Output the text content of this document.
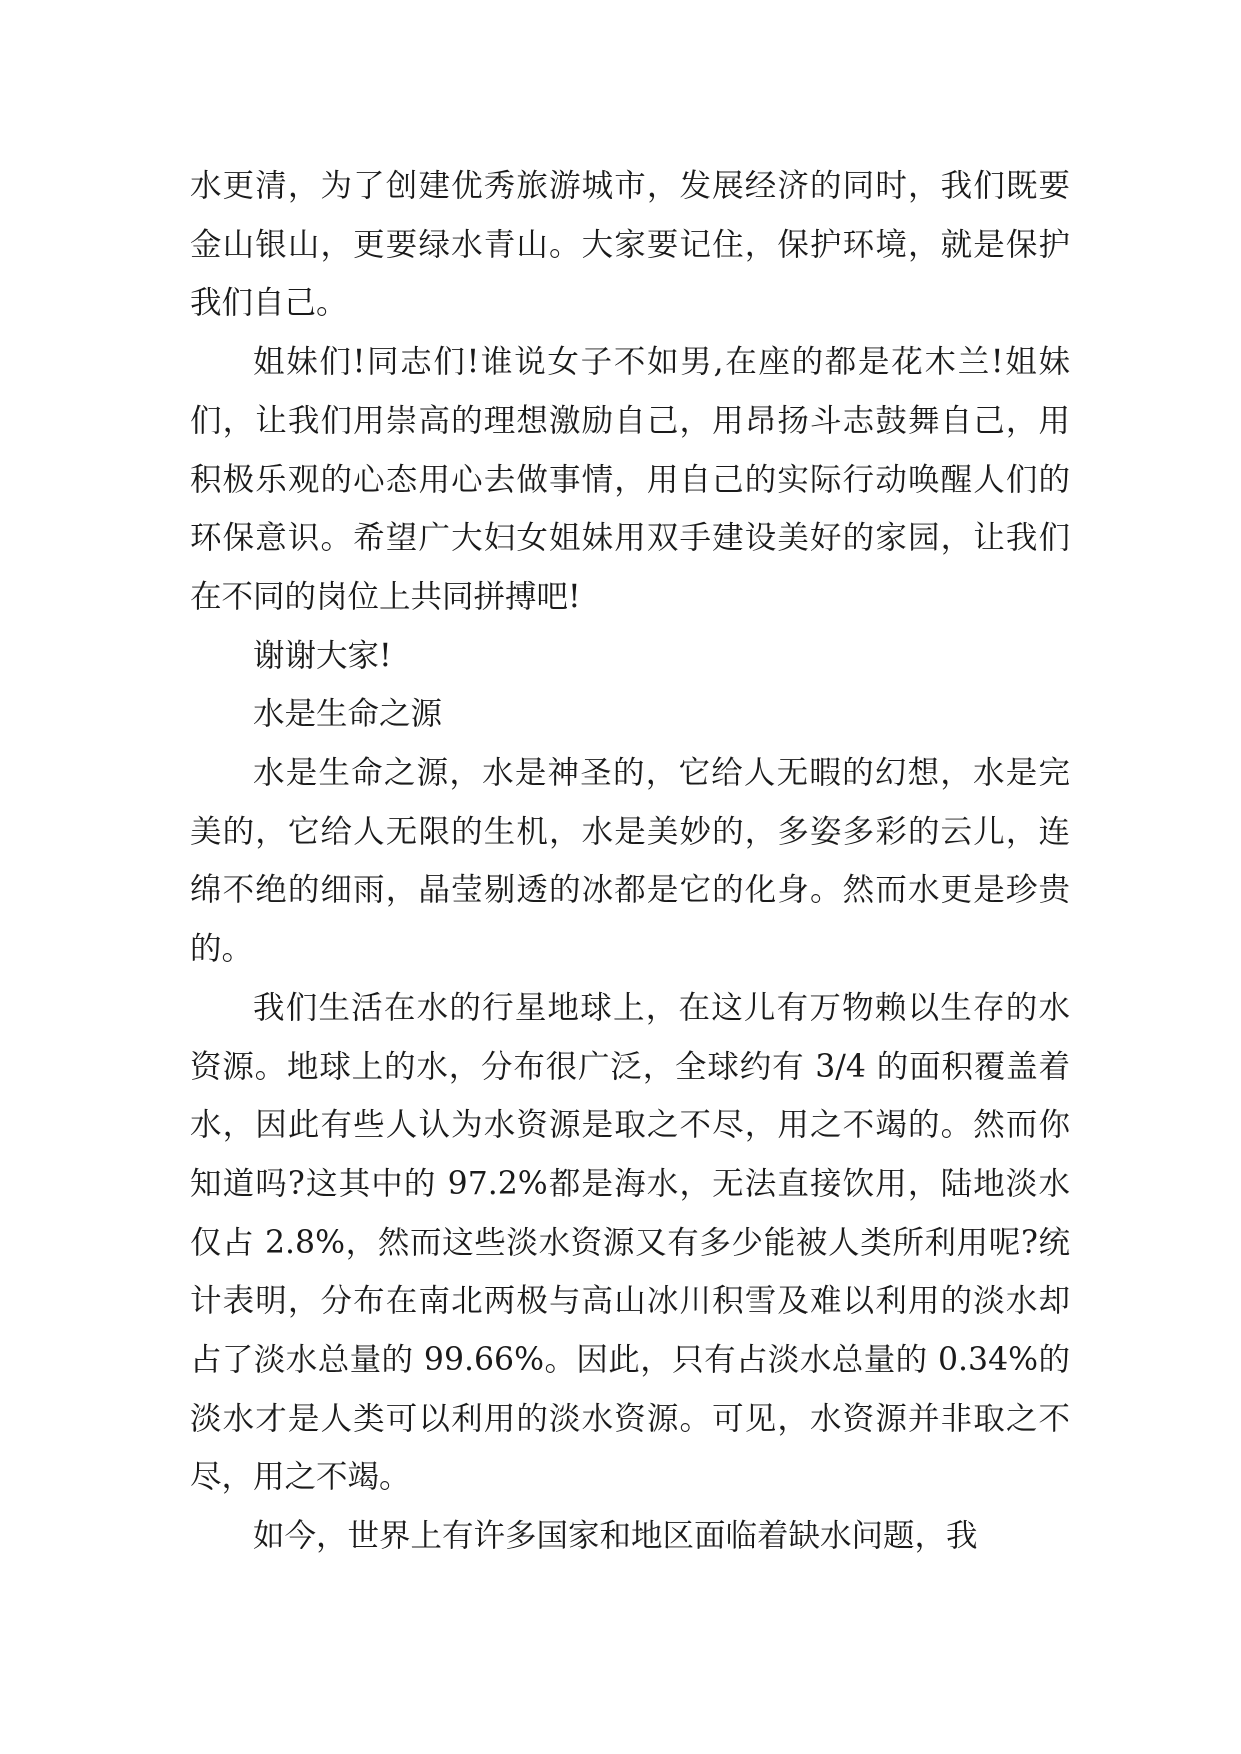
水更清，为了创建优秀旅游城市，发展经济的同时，我们既要金山银山，更要绿水青山。大家要记住，保护环境，就是保护我们自己。

姐妹们!同志们!谁说女子不如男,在座的都是花木兰!姐妹们，让我们用崇高的理想激励自己，用昂扬斗志鼓舞自己，用积极乐观的心态用心去做事情，用自己的实际行动唤醒人们的环保意识。希望广大妇女姐妹用双手建设美好的家园，让我们在不同的岗位上共同拼搏吧!

谢谢大家!

水是生命之源

水是生命之源，水是神圣的，它给人无暇的幻想，水是完美的，它给人无限的生机，水是美妙的，多姿多彩的云儿，连绵不绝的细雨，晶莹剔透的冰都是它的化身。然而水更是珍贵的。

我们生活在水的行星地球上，在这儿有万物赖以生存的水资源。地球上的水，分布很广泛，全球约有 3/4 的面积覆盖着水，因此有些人认为水资源是取之不尽，用之不竭的。然而你知道吗?这其中的 97.2%都是海水，无法直接饮用，陆地淡水仅占 2.8%，然而这些淡水资源又有多少能被人类所利用呢?统计表明，分布在南北两极与高山冰川积雪及难以利用的淡水却占了淡水总量的 99.66%。因此，只有占淡水总量的 0.34%的淡水才是人类可以利用的淡水资源。可见，水资源并非取之不尽，用之不竭。

如今，世界上有许多国家和地区面临着缺水问题，我
